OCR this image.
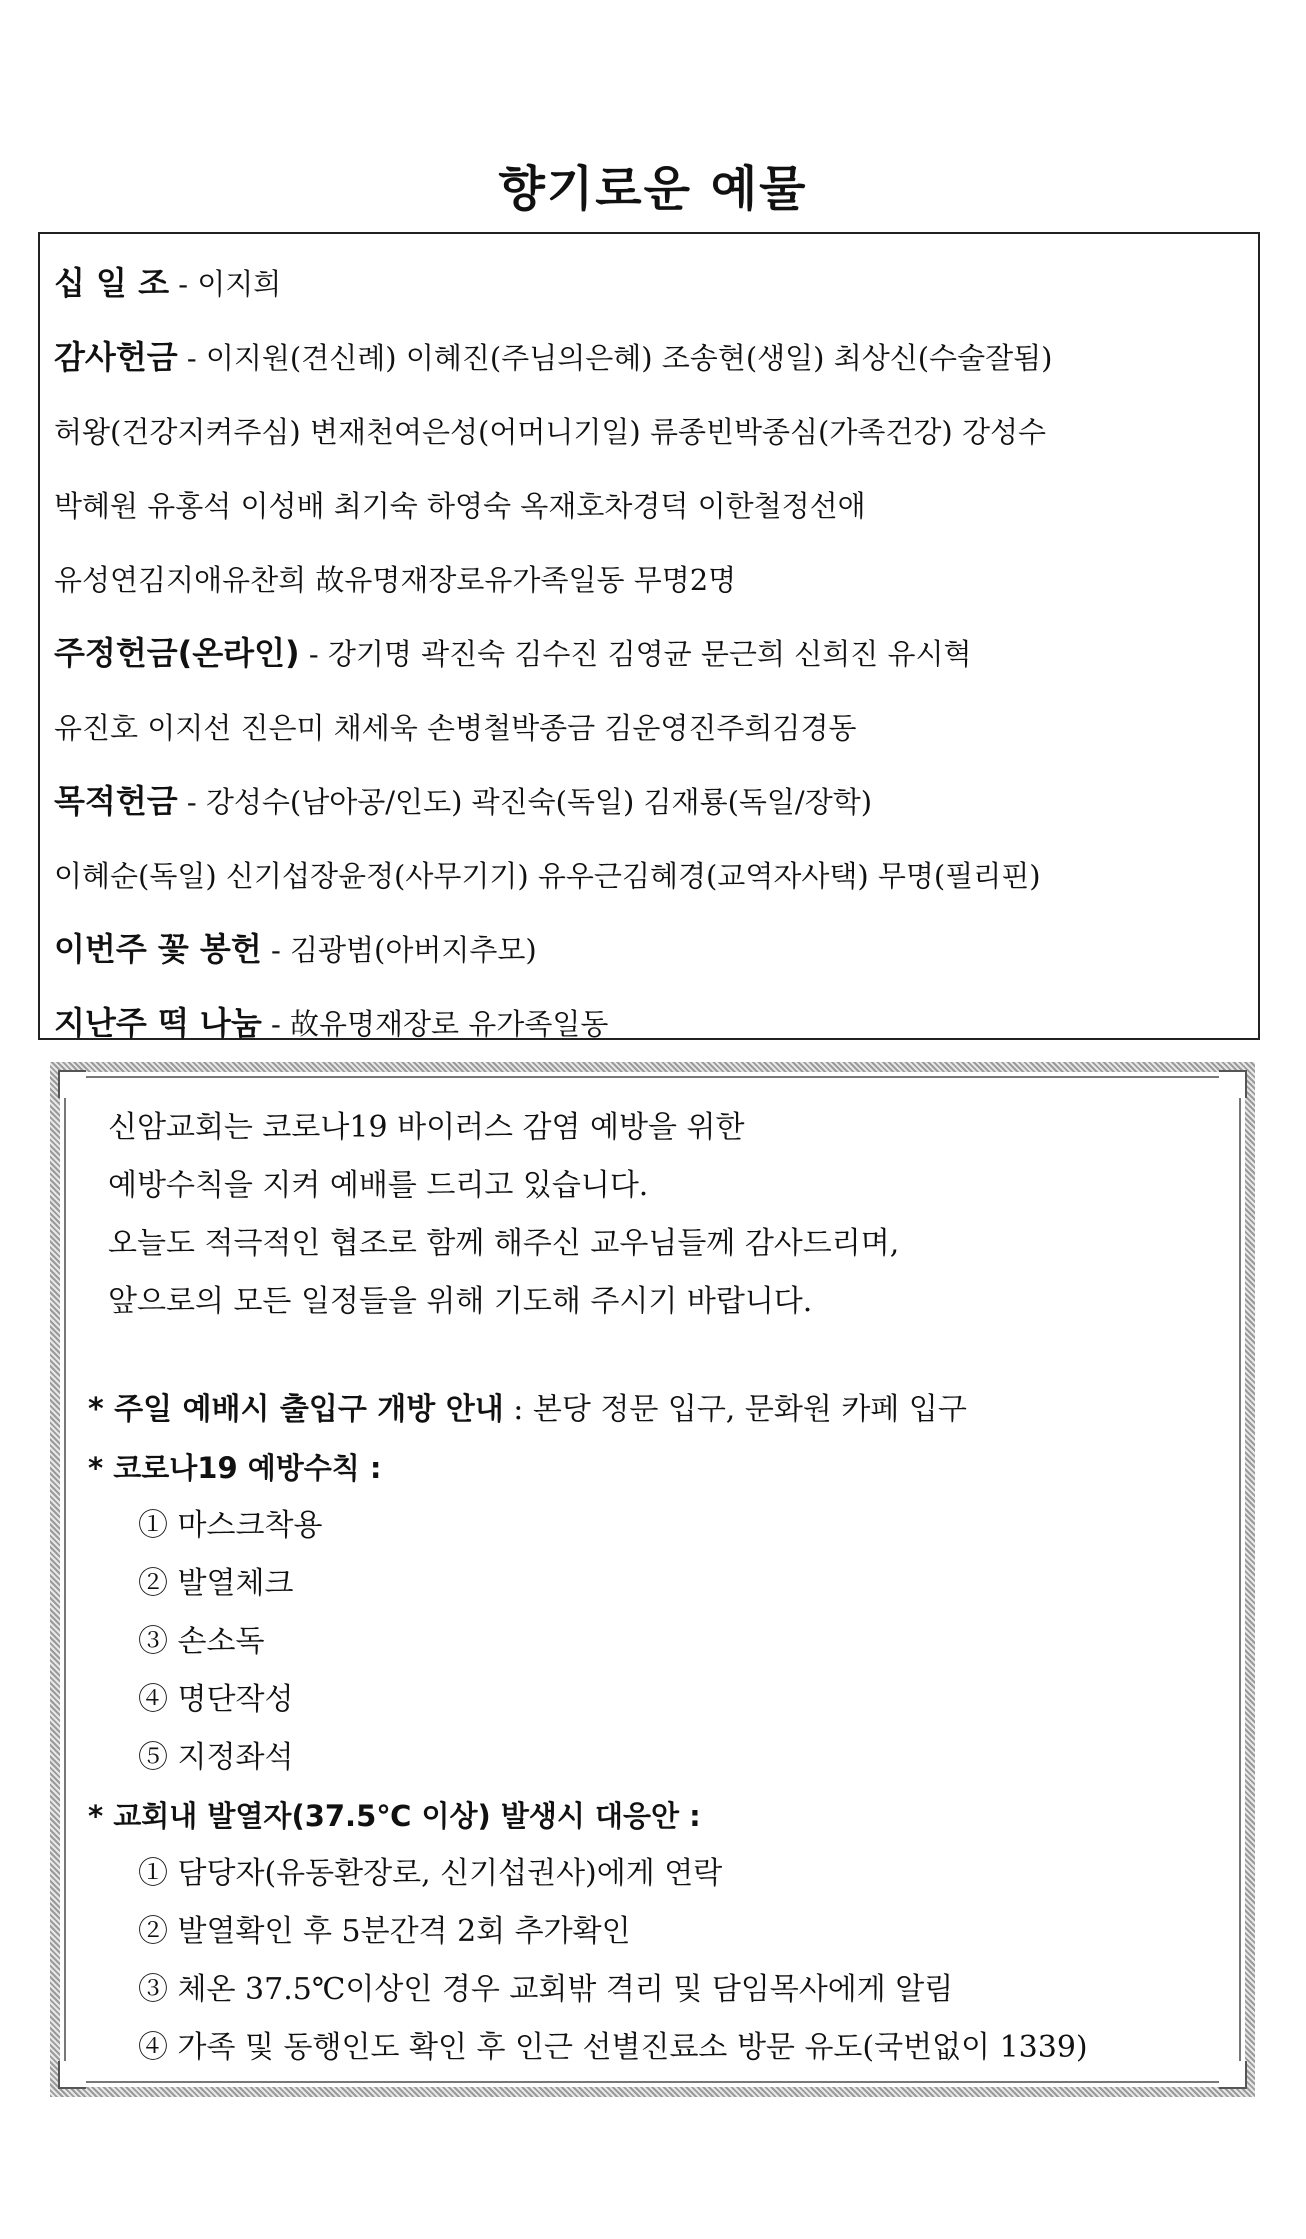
향기로운 예물
십 일 조 - 이지희
감사헌금 - 이지원(견신례) 이혜진(주님의은혜) 조송현(생일) 최상신(수술잘됨)
허왕(건강지켜주심) 변재천여은성(어머니기일) 류종빈박종심(가족건강) 강성수
박혜원 유홍석 이성배 최기숙 하영숙 옥재호차경덕 이한철정선애
유성연김지애유찬희 故유명재장로유가족일동 무명2명
주정헌금(온라인) - 강기명 곽진숙 김수진 김영균 문근희 신희진 유시혁
유진호 이지선 진은미 채세욱 손병철박종금 김운영진주희김경동
목적헌금 - 강성수(남아공/인도) 곽진숙(독일) 김재룡(독일/장학)
이혜순(독일) 신기섭장윤정(사무기기) 유우근김혜경(교역자사택) 무명(필리핀)
이번주 꽃 봉헌 - 김광범(아버지추모)
지난주 떡 나눔 - 故유명재장로 유가족일동
신암교회는 코로나19 바이러스 감염 예방을 위한
예방수칙을 지켜 예배를 드리고 있습니다.
오늘도 적극적인 협조로 함께 해주신 교우님들께 감사드리며,
앞으로의 모든 일정들을 위해 기도해 주시기 바랍니다.
* 주일 예배시 출입구 개방 안내 : 본당 정문 입구, 문화원 카페 입구
* 코로나19 예방수칙 :
① 마스크착용
② 발열체크
③ 손소독
④ 명단작성
⑤ 지정좌석
* 교회내 발열자(37.5℃ 이상) 발생시 대응안 :
① 담당자(유동환장로, 신기섭권사)에게 연락
② 발열확인 후 5분간격 2회 추가확인
③ 체온 37.5℃이상인 경우 교회밖 격리 및 담임목사에게 알림
④ 가족 및 동행인도 확인 후 인근 선별진료소 방문 유도(국번없이 1339)
